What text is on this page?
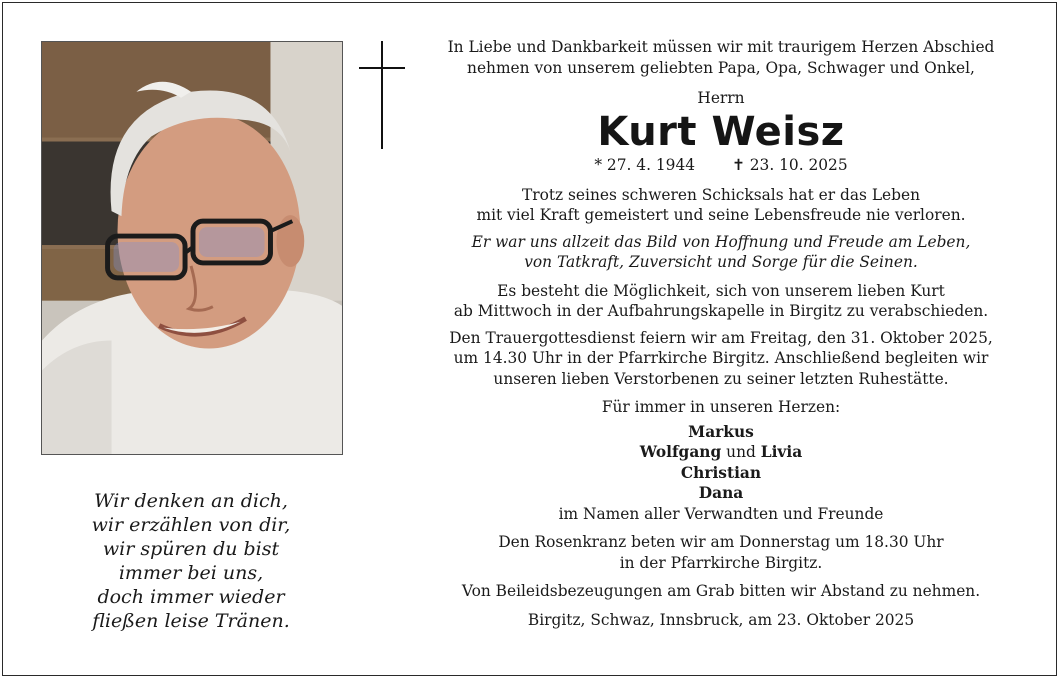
Wir denken an dich,
wir erzählen von dir,
wir spüren du bist
immer bei uns,
doch immer wieder
fließen leise Tränen.
In Liebe und Dankbarkeit müssen wir mit traurigem Herzen Abschied
nehmen von unserem geliebten Papa, Opa, Schwager und Onkel,
Herrn
Kurt Weisz
* 27. 4. 1944 ✝ 23. 10. 2025
Trotz seines schweren Schicksals hat er das Leben
mit viel Kraft gemeistert und seine Lebensfreude nie verloren.
Er war uns allzeit das Bild von Hoffnung und Freude am Leben,
von Tatkraft, Zuversicht und Sorge für die Seinen.
Es besteht die Möglichkeit, sich von unserem lieben Kurt
ab Mittwoch in der Aufbahrungskapelle in Birgitz zu verabschieden.
Den Trauergottesdienst feiern wir am Freitag, den 31. Oktober 2025,
um 14.30 Uhr in der Pfarrkirche Birgitz. Anschließend begleiten wir
unseren lieben Verstorbenen zu seiner letzten Ruhestätte.
Für immer in unseren Herzen:
Markus
Wolfgang und Livia
Christian
Dana
im Namen aller Verwandten und Freunde
Den Rosenkranz beten wir am Donnerstag um 18.30 Uhr
in der Pfarrkirche Birgitz.
Von Beileidsbezeugungen am Grab bitten wir Abstand zu nehmen.
Birgitz, Schwaz, Innsbruck, am 23. Oktober 2025
